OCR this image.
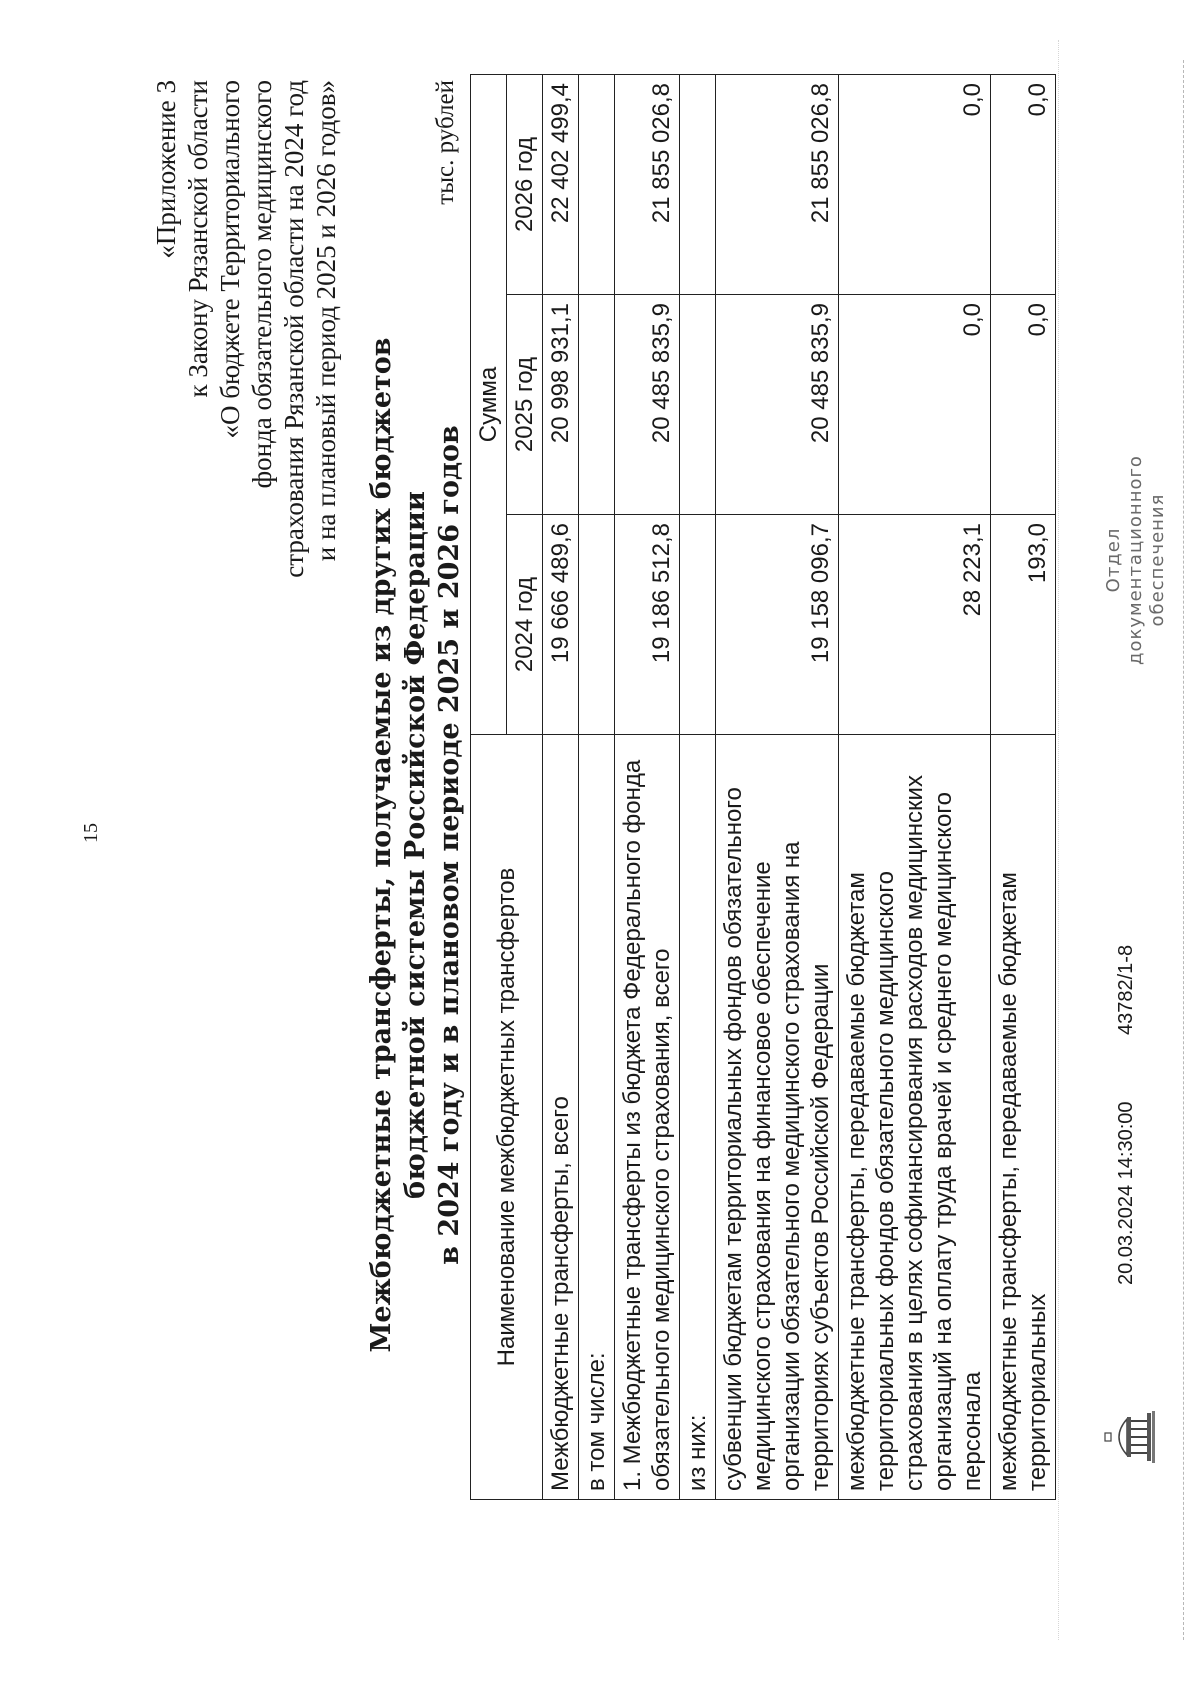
15
«Приложение 3 к Закону Рязанской области «О бюджете Территориального фонда обязательного медицинского страхования Рязанской области на 2024 год и на плановый период 2025 и 2026 годов»
Межбюджетные трансферты, получаемые из других бюджетов бюджетной системы Российской Федерации в 2024 году и в плановом периоде 2025 и 2026 годов
тыс. рублей
Наименование межбюджетных трансфертов	Сумма		
	2024 год	2025 год	2026 год
Межбюджетные трансферты, всего	19 666 489,6	20 998 931,1	22 402 499,4
в том числе:			
1. Межбюджетные трансферты из бюджета Федерального фонда обязательного медицинского страхования, всего	19 186 512,8	20 485 835,9	21 855 026,8
из них:			
субвенции бюджетам территориальных фондов обязательного медицинского страхования на финансовое обеспечение организации обязательного медицинского страхования на территориях субъектов Российской Федерации	19 158 096,7	20 485 835,9	21 855 026,8
межбюджетные трансферты, передаваемые бюджетам территориальных фондов обязательного медицинского страхования в целях софинансирования расходов медицинских организаций на оплату труда врачей и среднего медицинского персонала	28 223,1	0,0	0,0
межбюджетные трансферты, передаваемые бюджетам территориальных	193,0	0,0	0,0
20.03.2024 14:30:00
43782/1-8
Отдел документационного обеспечения
